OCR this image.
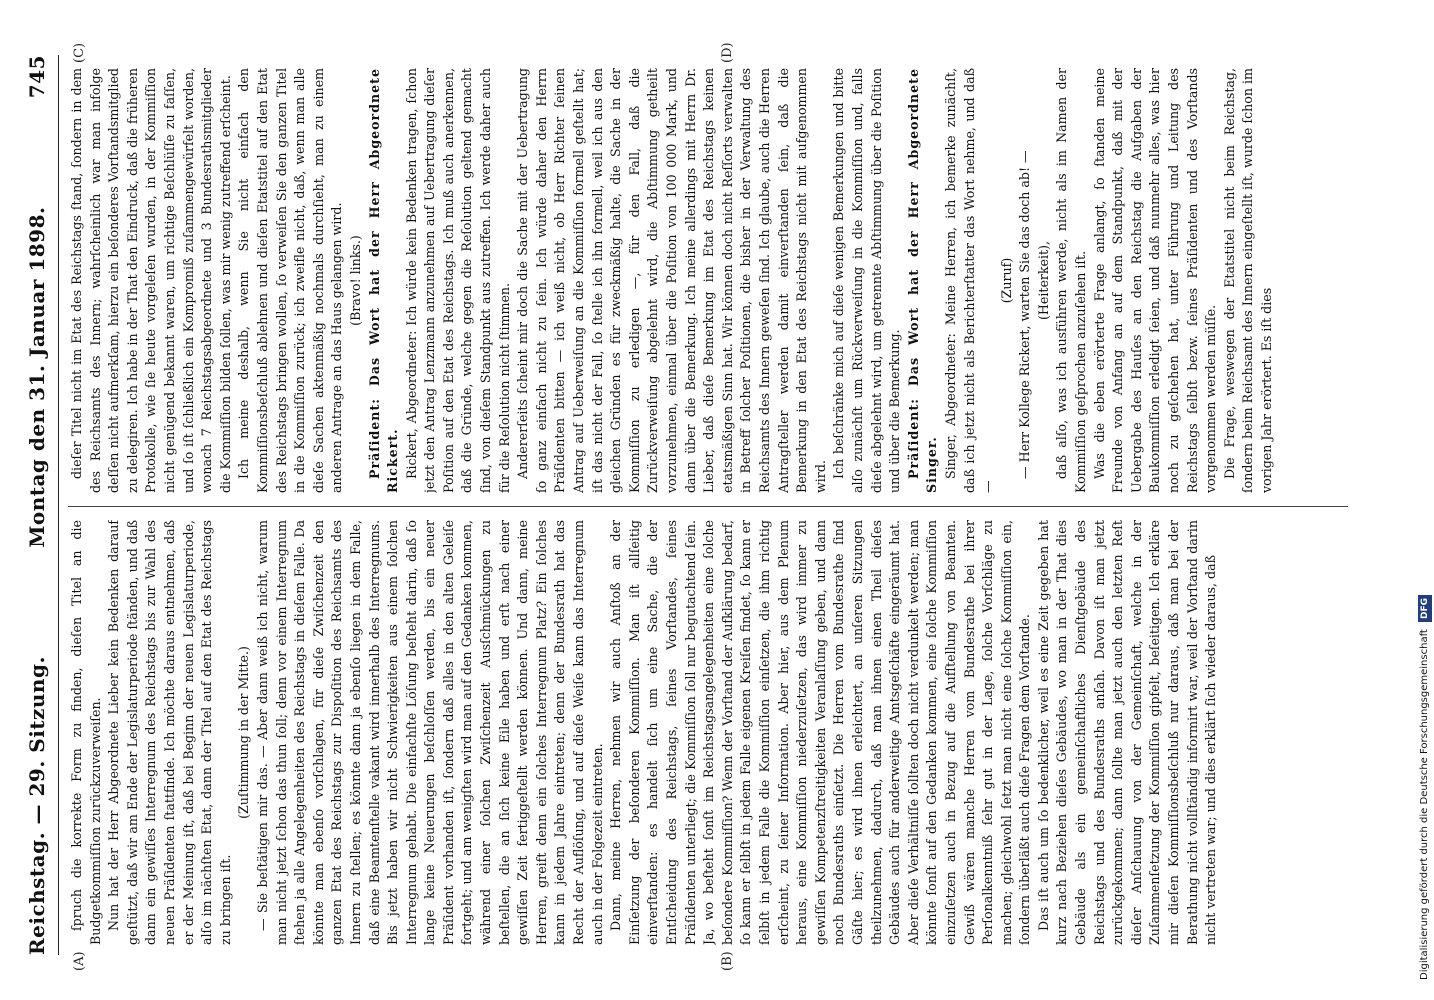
Reichstag. — 29. Sitzung.
Montag den 31. Januar 1898.
745

ſpruch die korrekte Form zu finden, dieſen Titel an die Budgetkommiſſion zurückzuverweiſen. Nun hat der Herr Abgeordnete Lieber kein Bedenken darauf geſtützt, daß wir am Ende der Legislaturperiode ſtänden, und daß dann ein gewiſſes Interregnum des Reichstags bis zur Wahl des neuen Präſidenten ſtattfinde. Ich möchte daraus entnehmen, daß er der Meinung iſt, daß bei Beginn der neuen Legislaturperiode, alſo im nächſten Etat, dann der Titel auf den Etat des Reichstags zu bringen iſt.

(Zuſtimmung in der Mitte.) — Sie beſtätigen mir das. — Aber dann weiß ich nicht, warum man nicht jetzt ſchon das thun ſoll; denn vor einem Interregnum ſtehen ja alle Angelegenheiten des Reichstags in dieſem Falle. Da könnte man ebenſo vorſchlagen, für dieſe Zwiſchenzeit den ganzen Etat des Reichstags zur Dispoſition des Reichsamts des Innern zu ſtellen; es könnte dann ja ebenſo liegen in dem Falle, daß eine Beamtenſtelle vakant wird innerhalb des Interregnums. Bis jetzt haben wir nicht Schwierigkeiten aus einem ſolchen Interregnum gehabt. Die einfachſte Löſung beſteht darin, daß ſo lange keine Neuerungen beſchloſſen werden, bis ein neuer Präſident vorhanden iſt, ſondern daß alles in den alten Geleiſe fortgeht; und am wenigſten wird man auf den Gedanken kommen, während einer ſolchen Zwiſchenzeit Ausſchmückungen zu beſtellen, die an ſich keine Eile haben und erſt nach einer gewiſſen Zeit fertiggeſtellt werden können. Und dann, meine Herren, greift denn ein ſolches Interregnum Platz? Ein ſolches kann in jedem Jahre eintreten; denn der Bundesrath hat das Recht der Auflöſung, und auf dieſe Weiſe kann das Interregnum auch in der Folgezeit eintreten. Dann, meine Herren, nehmen wir auch Anſtoß an der Einſetzung der beſonderen Kommiſſion. Man iſt allſeitig einverſtanden: es handelt ſich um eine Sache, die der Entſcheidung des Reichstags, ſeines Vorſtandes, ſeines Präſidenten unterliegt; die Kommiſſion ſoll nur begutachtend ſein. Ja, wo beſteht ſonſt im Reichstagsangelegenheiten eine ſolche beſondere Kommiſſion? Wenn der Vorſtand der Aufklärung bedarf, ſo kann er ſelbſt in jedem Falle eigenen Kreiſen findet, ſo kann er ſelbſt in jedem Falle die Kommiſſion einſetzen, die ihm richtig erſcheint, zu ſeiner Information. Aber hier, aus dem Plenum heraus, eine Kommiſſion niederzuſetzen, das wird immer zu gewiſſen Kompetenzſtreitigkeiten Veranlaſſung geben, und dann noch Bundesraths einſetzt. Die Herren vom Bundesrathe ſind Gäſte hier; es wird ihnen erleichtert, an unſeren Sitzungen theilzunehmen, dadurch, daß man ihnen einen Theil dieſes Gebäudes auch für anderweitige Amtsgeſchäfte eingeräumt hat. Aber dieſe Verhältniſſe ſollten doch nicht verdunkelt werden; man könnte ſonſt auf den Gedanken kommen, eine ſolche Kommiſſion einzuſetzen auch in Bezug auf die Aufſtellung von Beamten. Gewiß wären manche Herren vom Bundesrathe bei ihrer Perſonalkenntniß ſehr gut in der Lage, ſolche Vorſchläge zu machen; gleichwohl ſetzt man nicht eine ſolche Kommiſſion ein, ſondern überläßt auch dieſe Fragen dem Vorſtande. Das iſt auch um ſo bedenklicher, weil es eine Zeit gegeben hat kurz nach Beziehen dieſes Gebäudes, wo man in der That dies Gebäude als ein gemeinſchaftliches Dienſtgebäude des Reichstags und des Bundesraths anſah. Davon iſt man jetzt zurückgekommen; dann ſollte man jetzt auch den letzten Reſt dieſer Anſchauung von der Gemeinſchaft, welche in der Zuſammenſetzung der Kommiſſion gipfelt, beſeitigen. Ich erkläre mir dieſen Kommiſſionsbeſchluß nur daraus, daß man bei der Berathung nicht vollſtändig informirt war, weil der Vorſtand darin nicht vertreten war; und dies erklärt ſich wieder daraus, daß

dieſer Titel nicht im Etat des Reichstags ſtand, ſondern in dem des Reichsamts des Innern; wahrſcheinlich war man infolge deſſen nicht aufmerkſam, hierzu ein beſonderes Vorſtandsmitglied zu delegiren. Ich habe in der That den Eindruck, daß die früheren Protokolle, wie ſie heute vorgeleſen wurden, in der Kommiſſion nicht genügend bekannt waren, um richtige Beſchlüſſe zu faſſen, und ſo iſt ſchließlich ein Kompromiß zuſammengewürfelt worden, wonach 7 Reichstagsabgeordnete und 3 Bundesrathsmitglieder die Kommiſſion bilden ſollen, was mir wenig zutreffend erſcheint. Ich meine deshalb, wenn Sie nicht einfach den Kommiſſionsbeſchluß ablehnen und dieſen Etatstitel auf den Etat des Reichstags bringen wollen, ſo verweiſen Sie den ganzen Titel in die Kommiſſion zurück; ich zweifle nicht, daß, wenn man alle dieſe Sachen aktenmäßig nochmals durchſieht, man zu einem anderen Antrage an das Haus gelangen wird. (Bravo! links.) Präſident: Das Wort hat der Herr Abgeordnete Rickert. Rickert, Abgeordneter: Ich würde kein Bedenken tragen, ſchon jetzt den Antrag Lenzmann anzunehmen auf Uebertragung dieſer Poſition auf den Etat des Reichstags. Ich muß auch anerkennen, daß die Gründe, welche gegen die Reſolution geltend gemacht ſind, von dieſem Standpunkt aus zutreffen. Ich werde daher auch für die Reſolution nicht ſtimmen. Andererſeits ſcheint mir doch die Sache mit der Uebertragung ſo ganz einfach nicht zu ſein. Ich würde daher den Herrn Präſidenten bitten — ich weiß nicht, ob Herr Richter ſeinen Antrag auf Ueberweiſung an die Kommiſſion formell geſtellt hat; iſt das nicht der Fall, ſo ſtelle ich ihn formell, weil ich aus den gleichen Gründen es für zweckmäßig halte, die Sache in der Kommiſſion zu erledigen —, für den Fall, daß die Zurückverweiſung abgelehnt wird, die Abſtimmung getheilt vorzunehmen, einmal über die Poſition von 100 000 Mark, und dann über die Bemerkung. Ich meine allerdings mit Herrn Dr. Lieber, daß dieſe Bemerkung im Etat des Reichstags keinen etatsmäßigen Sinn hat. Wir können doch nicht Reſſorts verwalten in Betreff ſolcher Poſitionen, die bisher in der Verwaltung des Reichsamts des Innern geweſen ſind. Ich glaube, auch die Herren Antragſteller werden damit einverſtanden ſein, daß die Bemerkung in den Etat des Reichstags nicht mit aufgenommen wird. Ich beſchränke mich auf dieſe wenigen Bemerkungen und bitte alſo zunächſt um Rückverweiſung in die Kommiſſion und, falls dieſe abgelehnt wird, um getrennte Abſtimmung über die Poſition und über die Bemerkung. Präſident: Das Wort hat der Herr Abgeordnete Singer. Singer, Abgeordneter: Meine Herren, ich bemerke zunächſt, daß ich jetzt nicht als Berichterſtatter das Wort nehme, und daß —

(Zuruf) — Herr Kollege Rickert, warten Sie das doch ab! — (Heiterkeit), daß alſo, was ich ausführen werde, nicht als im Namen der Kommiſſion geſprochen anzuſehen iſt. Was die eben erörterte Frage anlangt, ſo ſtanden meine Freunde von Anfang an auf dem Standpunkt, daß mit der Uebergabe des Hauſes an den Reichstag die Aufgaben der Baukommiſſion erledigt ſeien, und daß nunmehr alles, was hier noch zu geſchehen hat, unter Führung und Leitung des Reichstags ſelbſt bezw. ſeines Präſidenten und des Vorſtands vorgenommen werden müſſe. Die Frage, weswegen der Etatstitel nicht beim Reichstag, ſondern beim Reichsamt des Innern eingeſtellt iſt, wurde ſchon im vorigen Jahr erörtert. Es iſt dies

(A)	(B)
(C)	(D)
Digitalisierung gefördert durch die Deutsche Forschungsgemeinschaft DFG
